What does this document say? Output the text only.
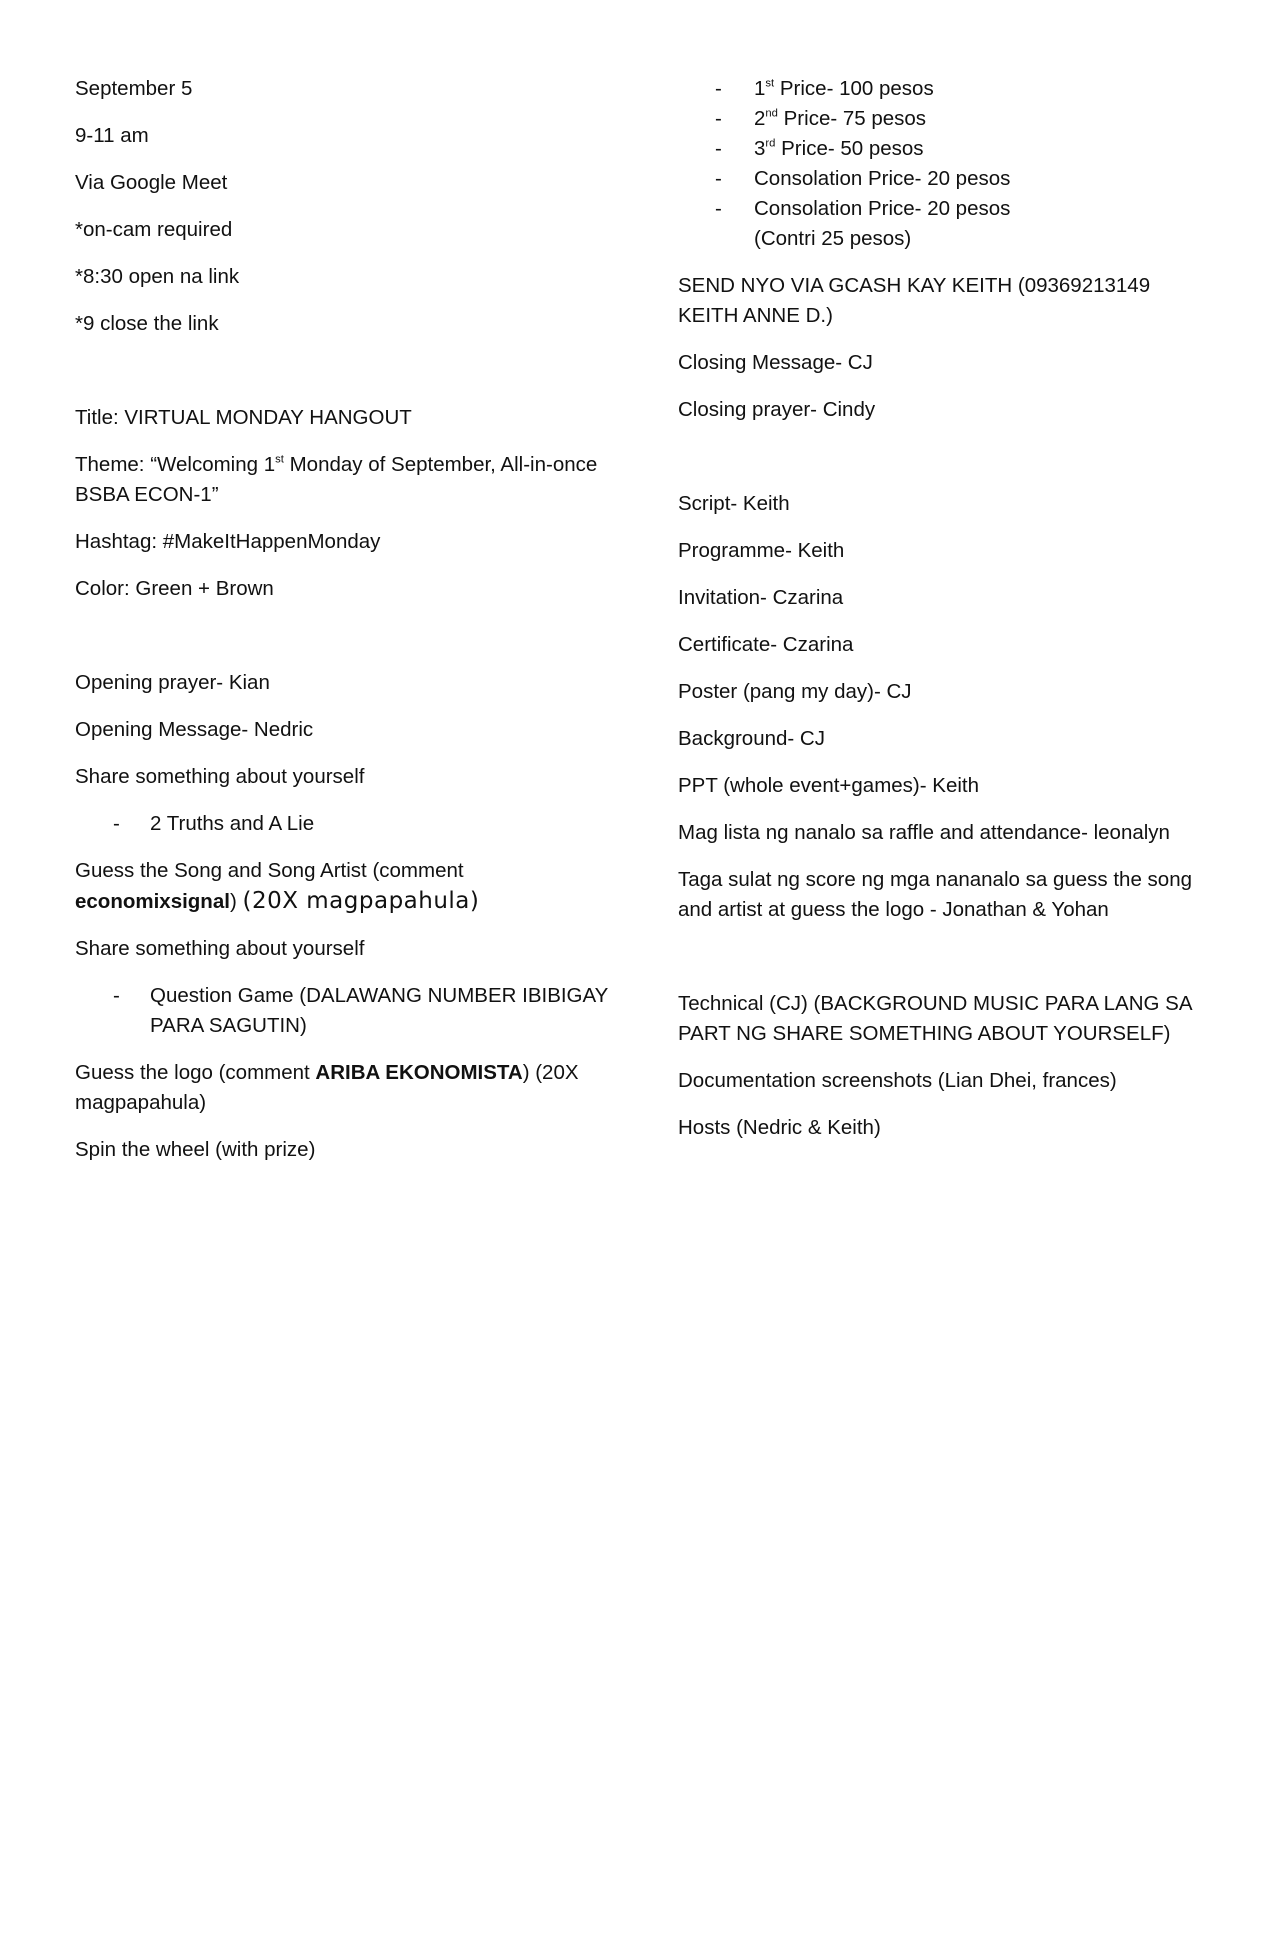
September 5

9-11 am

Via Google Meet

*on-cam required

*8:30 open na link

*9 close the link

Title: VIRTUAL MONDAY HANGOUT

Theme: “Welcoming 1st Monday of September, All-in-once BSBA ECON-1”

Hashtag: #MakeItHappenMonday

Color: Green + Brown

Opening prayer- Kian

Opening Message- Nedric

Share something about yourself

- 2 Truths and A Lie

Guess the Song and Song Artist (comment economixsignal) (20X magpapahula)

Share something about yourself

- Question Game (DALAWANG NUMBER IBIBIGAY PARA SAGUTIN)

Guess the logo (comment ARIBA EKONOMISTA) (20X magpapahula)

Spin the wheel (with prize)

- 1st Price- 100 pesos
- 2nd Price- 75 pesos
- 3rd Price- 50 pesos
- Consolation Price- 20 pesos
- Consolation Price- 20 pesos
(Contri 25 pesos)

SEND NYO VIA GCASH KAY KEITH (09369213149 KEITH ANNE D.)

Closing Message- CJ

Closing prayer- Cindy

Script- Keith

Programme- Keith

Invitation- Czarina

Certificate- Czarina

Poster (pang my day)- CJ

Background- CJ

PPT (whole event+games)- Keith

Mag lista ng nanalo sa raffle and attendance- leonalyn

Taga sulat ng score ng mga nananalo sa guess the song and artist at guess the logo - Jonathan & Yohan

Technical (CJ) (BACKGROUND MUSIC PARA LANG SA PART NG SHARE SOMETHING ABOUT YOURSELF)

Documentation screenshots (Lian Dhei, frances)

Hosts (Nedric & Keith)
